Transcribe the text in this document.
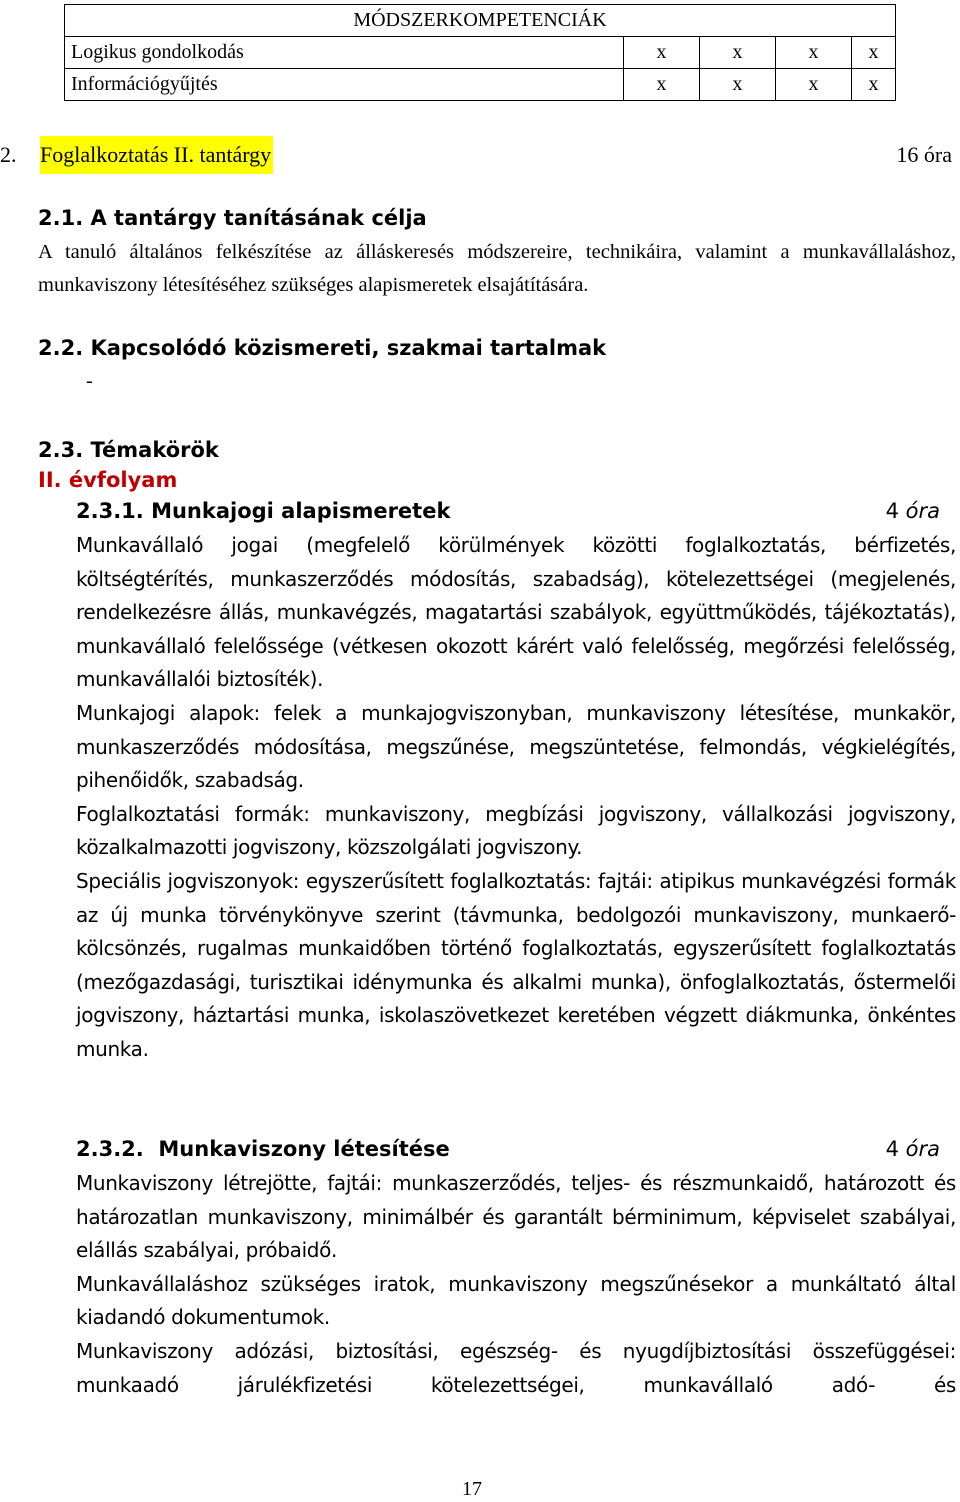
MÓDSZERKOMPETENCIÁK				
Logikus gondolkodás	x	x	x	x
Információgyűjtés	x	x	x	x
2. Foglalkoztatás II. tantárgy	16 óra
2.1. A tantárgy tanításának célja

A tanuló általános felkészítése az álláskeresés módszereire, technikáira, valamint a munkavállaláshoz, munkaviszony létesítéséhez szükséges alapismeretek elsajátítására.

2.2. Kapcsolódó közismereti, szakmai tartalmak
-
2.3. Témakörök
II. évfolyam
2.3.1. Munkajogi alapismeretek	4 óra

Munkavállaló jogai (megfelelő körülmények közötti foglalkoztatás, bérfizetés, költségtérítés, munkaszerződés módosítás, szabadság), kötelezettségei (megjelenés, rendelkezésre állás, munkavégzés, magatartási szabályok, együttműködés, tájékoztatás), munkavállaló felelőssége (vétkesen okozott kárért való felelősség, megőrzési felelősség, munkavállalói biztosíték).

Munkajogi alapok: felek a munkajogviszonyban, munkaviszony létesítése, munkakör, munkaszerződés módosítása, megszűnése, megszüntetése, felmondás, végkielégítés, pihenőidők, szabadság.

Foglalkoztatási formák: munkaviszony, megbízási jogviszony, vállalkozási jogviszony, közalkalmazotti jogviszony, közszolgálati jogviszony.

Speciális jogviszonyok: egyszerűsített foglalkoztatás: fajtái: atipikus munkavégzési formák az új munka törvénykönyve szerint (távmunka, bedolgozói munkaviszony, munkaerő-kölcsönzés, rugalmas munkaidőben történő foglalkoztatás, egyszerűsített foglalkoztatás (mezőgazdasági, turisztikai idénymunka és alkalmi munka), önfoglalkoztatás, őstermelői jogviszony, háztartási munka, iskolaszövetkezet keretében végzett diákmunka, önkéntes munka.

2.3.2.  Munkaviszony létesítése	4 óra

Munkaviszony létrejötte, fajtái: munkaszerződés, teljes- és részmunkaidő, határozott és határozatlan munkaviszony, minimálbér és garantált bérminimum, képviselet szabályai, elállás szabályai, próbaidő.

Munkavállaláshoz szükséges iratok, munkaviszony megszűnésekor a munkáltató által kiadandó dokumentumok.

Munkaviszony adózási, biztosítási, egészség- és nyugdíjbiztosítási összefüggései: munkaadó járulékfizetési kötelezettségei, munkavállaló adó- és

17
